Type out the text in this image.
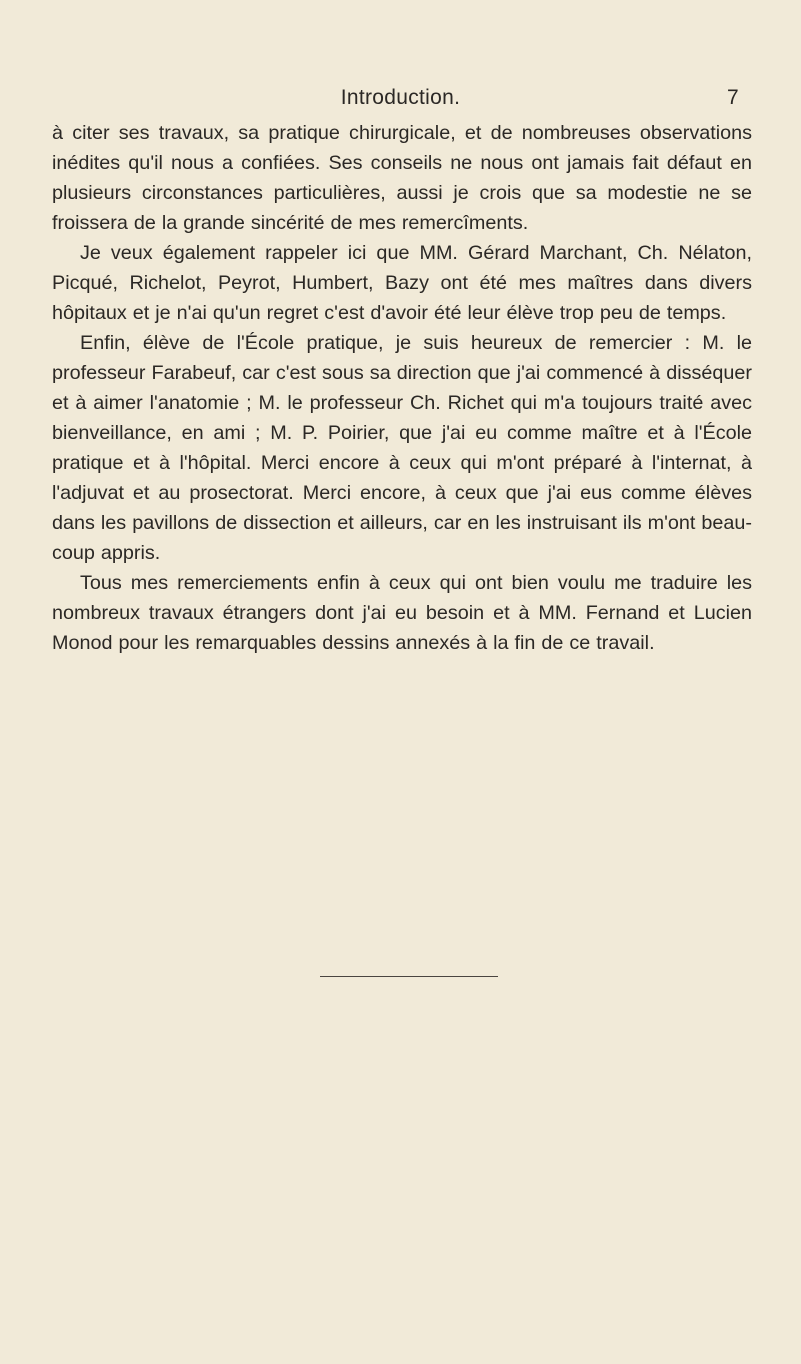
Introduction.	7

à citer ses travaux, sa pratique chirurgicale, et de nombreuses observations inédites qu'il nous a confiées. Ses conseils ne nous ont jamais fait défaut en plusieurs circonstances particulières, aussi je crois que sa modestie ne se froissera de la grande sincérité de mes remercîments.

Je veux également rappeler ici que MM. Gérard Marchant, Ch. Nélaton, Picqué, Richelot, Peyrot, Humbert, Bazy ont été mes maîtres dans divers hôpitaux et je n'ai qu'un regret c'est d'avoir été leur élève trop peu de temps.

Enfin, élève de l'École pratique, je suis heureux de remercier : M. le professeur Farabeuf, car c'est sous sa direction que j'ai commencé à disséquer et à aimer l'anatomie ; M. le professeur Ch. Richet qui m'a toujours traité avec bienveillance, en ami ; M. P. Poirier, que j'ai eu comme maître et à l'École pratique et à l'hôpital. Merci encore à ceux qui m'ont préparé à l'internat, à l'adjuvat et au prosectorat. Merci encore, à ceux que j'ai eus comme élèves dans les pavillons de dissection et ailleurs, car en les instruisant ils m'ont beaucoup appris.

Tous mes remerciements enfin à ceux qui ont bien voulu me traduire les nombreux travaux étrangers dont j'ai eu besoin et à MM. Fernand et Lucien Monod pour les remarquables dessins annexés à la fin de ce travail.
